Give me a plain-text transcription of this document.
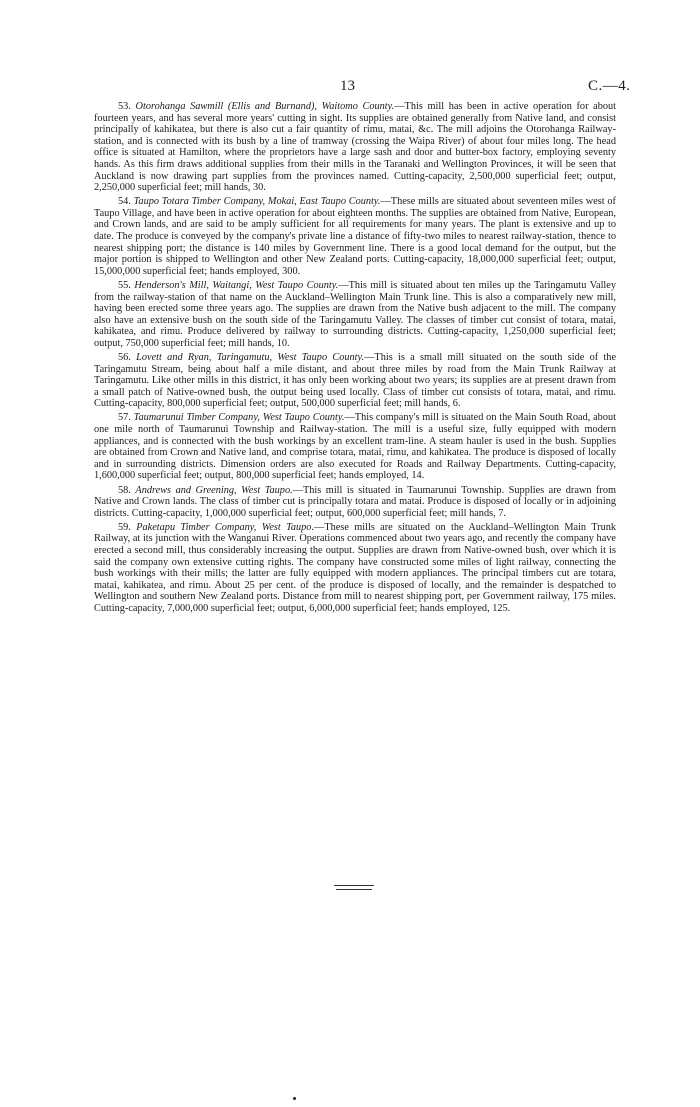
13	C.—4.

53. Otorohanga Sawmill (Ellis and Burnand), Waitomo County.—This mill has been in active operation for about fourteen years, and has several more years' cutting in sight. Its supplies are obtained generally from Native land, and consist principally of kahikatea, but there is also cut a fair quantity of rimu, matai, &c. The mill adjoins the Otorohanga Railway-station, and is connected with its bush by a line of tramway (crossing the Waipa River) of about four miles long. The head office is situated at Hamilton, where the proprietors have a large sash and door and butter-box factory, employing seventy hands. As this firm draws additional supplies from their mills in the Taranaki and Wellington Provinces, it will be seen that Auckland is now drawing part supplies from the provinces named. Cutting-capacity, 2,500,000 superficial feet; output, 2,250,000 superficial feet; mill hands, 30.

54. Taupo Totara Timber Company, Mokai, East Taupo County.—These mills are situated about seventeen miles west of Taupo Village, and have been in active operation for about eighteen months. The supplies are obtained from Native, European, and Crown lands, and are said to be amply sufficient for all requirements for many years. The plant is extensive and up to date. The produce is conveyed by the company's private line a distance of fifty-two miles to nearest railway-station, thence to nearest shipping port; the distance is 140 miles by Government line. There is a good local demand for the output, but the major portion is shipped to Wellington and other New Zealand ports. Cutting-capacity, 18,000,000 superficial feet; output, 15,000,000 superficial feet; hands employed, 300.

55. Henderson's Mill, Waitangi, West Taupo County.—This mill is situated about ten miles up the Taringamutu Valley from the railway-station of that name on the Auckland–Wellington Main Trunk line. This is also a comparatively new mill, having been erected some three years ago. The supplies are drawn from the Native bush adjacent to the mill. The company also have an extensive bush on the south side of the Taringamutu Valley. The classes of timber cut consist of totara, matai, kahikatea, and rimu. Produce delivered by railway to surrounding districts. Cutting-capacity, 1,250,000 superficial feet; output, 750,000 superficial feet; mill hands, 10.

56. Lovett and Ryan, Taringamutu, West Taupo County.—This is a small mill situated on the south side of the Taringamutu Stream, being about half a mile distant, and about three miles by road from the Main Trunk Railway at Taringamutu. Like other mills in this district, it has only been working about two years; its supplies are at present drawn from a small patch of Native-owned bush, the output being used locally. Class of timber cut consists of totara, matai, and rimu. Cutting-capacity, 800,000 superficial feet; output, 500,000 superficial feet; mill hands, 6.

57. Taumarunui Timber Company, West Taupo County.—This company's mill is situated on the Main South Road, about one mile north of Taumarunui Township and Railway-station. The mill is a useful size, fully equipped with modern appliances, and is connected with the bush workings by an excellent tram-line. A steam hauler is used in the bush. Supplies are obtained from Crown and Native land, and comprise totara, matai, rimu, and kahikatea. The produce is disposed of locally and in surrounding districts. Dimension orders are also executed for Roads and Railway Departments. Cutting-capacity, 1,600,000 superficial feet; output, 800,000 superficial feet; hands employed, 14.

58. Andrews and Greening, West Taupo.—This mill is situated in Taumarunui Township. Supplies are drawn from Native and Crown lands. The class of timber cut is principally totara and matai. Produce is disposed of locally or in adjoining districts. Cutting-capacity, 1,000,000 superficial feet; output, 600,000 superficial feet; mill hands, 7.

59. Paketapu Timber Company, West Taupo.—These mills are situated on the Auckland–Wellington Main Trunk Railway, at its junction with the Wanganui River. Operations commenced about two years ago, and recently the company have erected a second mill, thus considerably increasing the output. Supplies are drawn from Native-owned bush, over which it is said the company own extensive cutting rights. The company have constructed some miles of light railway, connecting the bush workings with their mills; the latter are fully equipped with modern appliances. The principal timbers cut are totara, matai, kahikatea, and rimu. About 25 per cent. of the produce is disposed of locally, and the remainder is despatched to Wellington and southern New Zealand ports. Distance from mill to nearest shipping port, per Government railway, 175 miles. Cutting-capacity, 7,000,000 superficial feet; output, 6,000,000 superficial feet; hands employed, 125.
